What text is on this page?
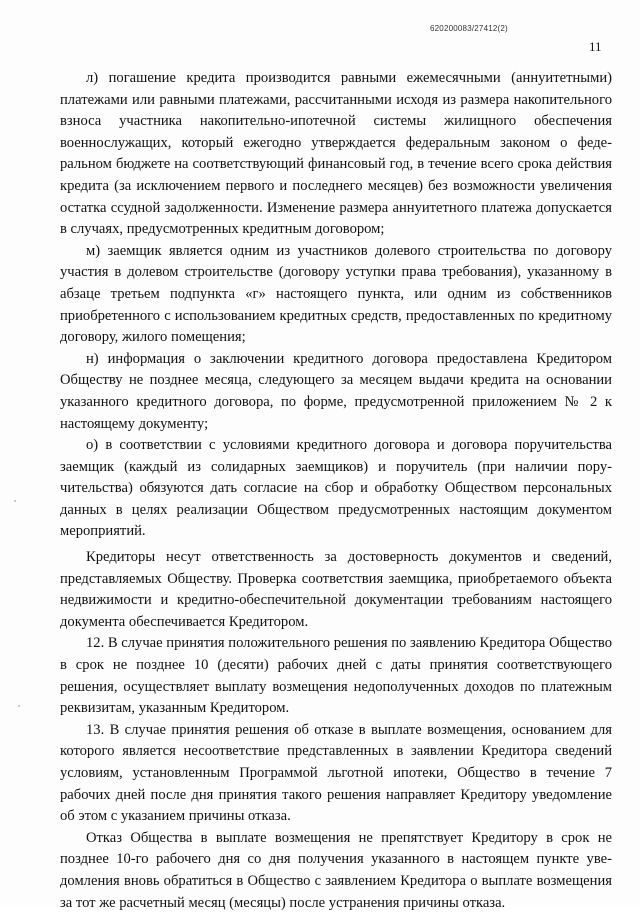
620200083/27412(2)
11

л) погашение кредита производится равными ежемесячными (аннуитетными) платежами или равными платежами, рассчитанными исходя из размера накопительного взноса участника накопительно-ипотечной системы жилищного обеспечения военнослужащих, который ежегодно утверждается федеральным законом о федеральном бюджете на соответствующий финансовый год, в течение всего срока действия кредита (за исключением первого и последнего месяцев) без возможности увеличения остатка ссудной задолженности. Изменение размера аннуитетного платежа допускается в случаях, предусмотренных кредитным договором;

м) заемщик является одним из участников долевого строительства по договору участия в долевом строительстве (договору уступки права требования), указанному в абзаце третьем подпункта «г» настоящего пункта, или одним из собственников приобретенного с использованием кредитных средств, предоставленных по кредитному договору, жилого помещения;

н) информация о заключении кредитного договора предоставлена Кредитором Обществу не позднее месяца, следующего за месяцем выдачи кредита на основании указанного кредитного договора, по форме, предусмотренной приложением № 2 к настоящему документу;

о) в соответствии с условиями кредитного договора и договора поручительства заемщик (каждый из солидарных заемщиков) и поручитель (при наличии поручительства) обязуются дать согласие на сбор и обработку Обществом персональных данных в целях реализации Обществом предусмотренных настоящим документом мероприятий.

Кредиторы несут ответственность за достоверность документов и сведений, представляемых Обществу. Проверка соответствия заемщика, приобретаемого объекта недвижимости и кредитно-обеспечительной документации требованиям настоящего документа обеспечивается Кредитором.

12. В случае принятия положительного решения по заявлению Кредитора Общество в срок не позднее 10 (десяти) рабочих дней с даты принятия соответствующего решения, осуществляет выплату возмещения недополученных доходов по платежным реквизитам, указанным Кредитором.

13. В случае принятия решения об отказе в выплате возмещения, основанием для которого является несоответствие представленных в заявлении Кредитора сведений условиям, установленным Программой льготной ипотеки, Общество в течение 7 рабочих дней после дня принятия такого решения направляет Кредитору уведомление об этом с указанием причины отказа.

Отказ Общества в выплате возмещения не препятствует Кредитору в срок не позднее 10-го рабочего дня со дня получения указанного в настоящем пункте уведомления вновь обратиться в Общество с заявлением Кредитора о выплате возмещения за тот же расчетный месяц (месяцы) после устранения причины отказа.
